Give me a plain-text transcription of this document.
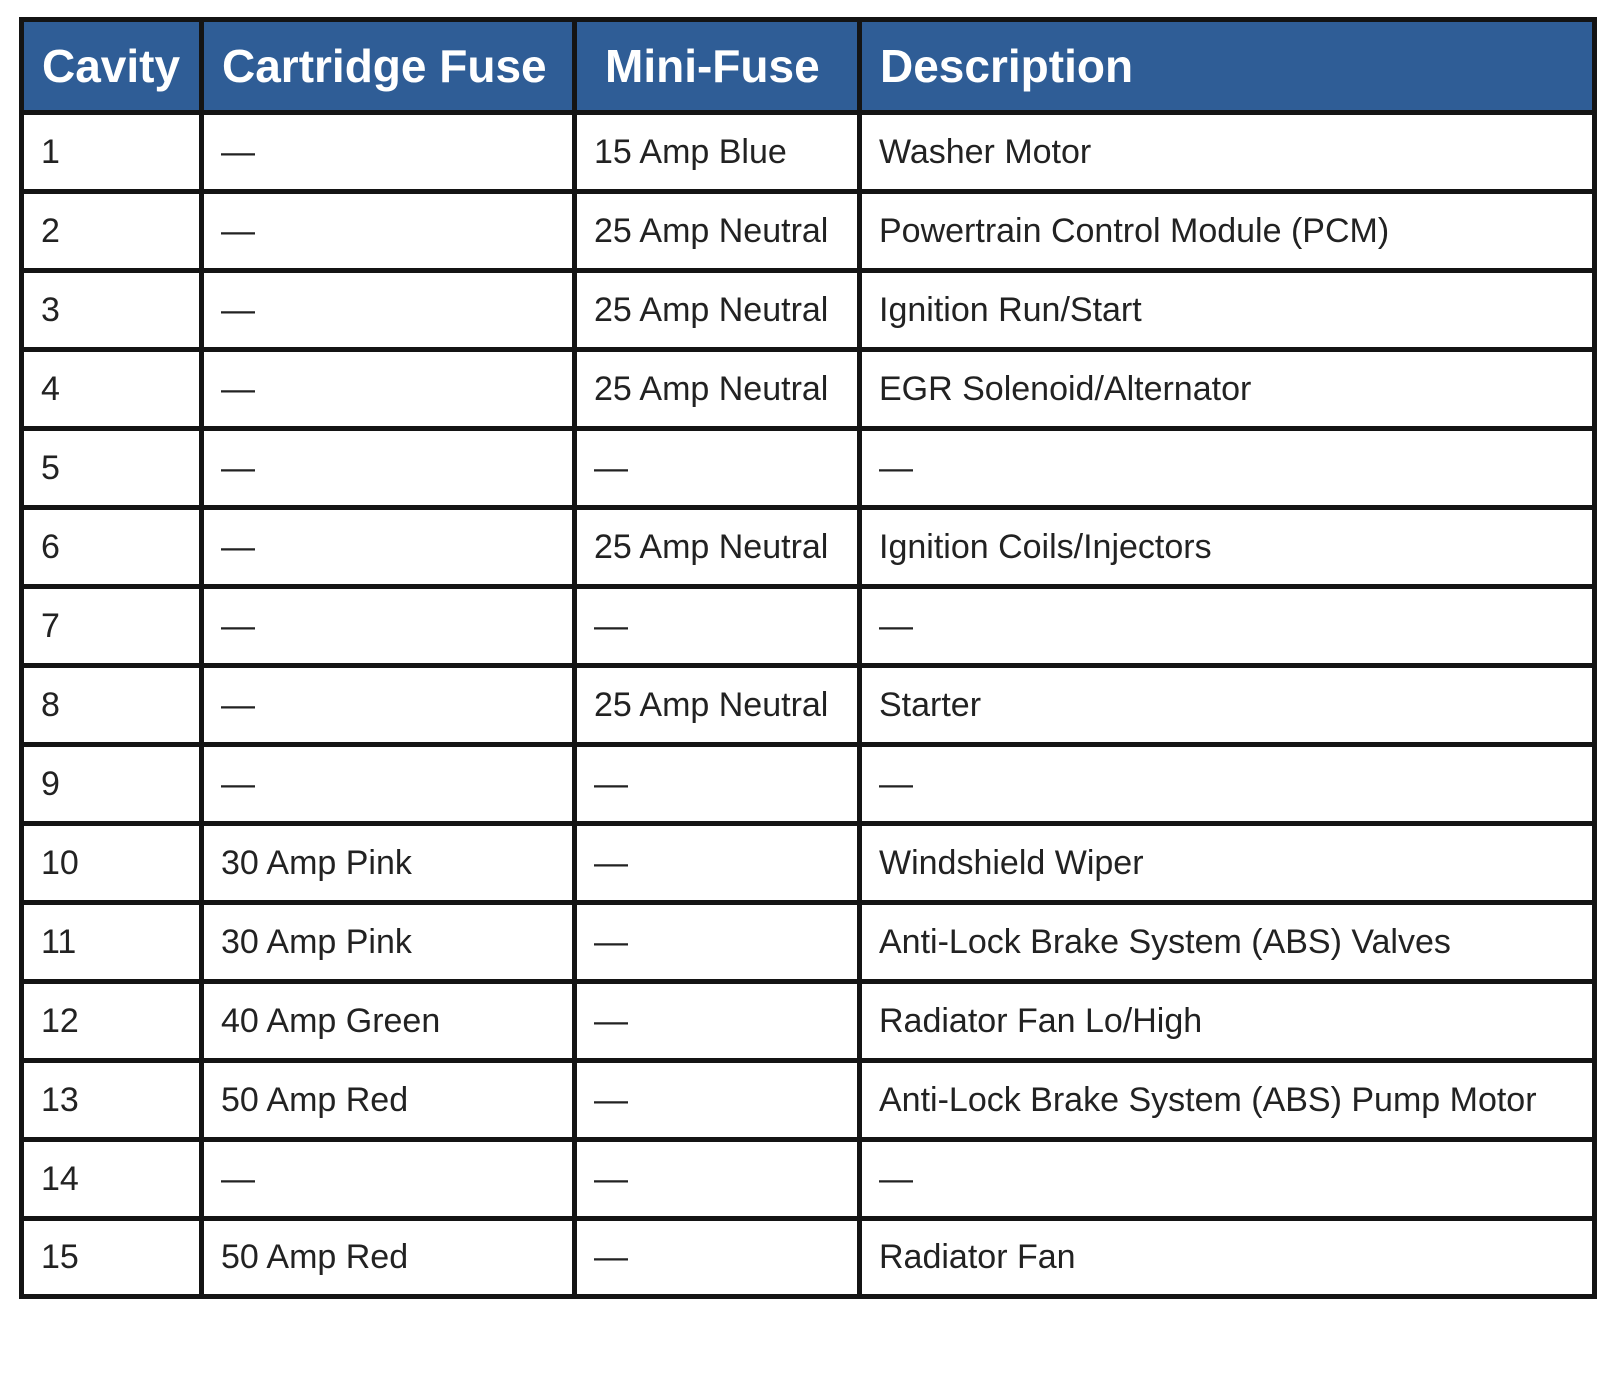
Cavity	Cartridge Fuse	Mini-Fuse	Description
1	—	15 Amp Blue	Washer Motor
2	—	25 Amp Neutral	Powertrain Control Module (PCM)
3	—	25 Amp Neutral	Ignition Run/Start
4	—	25 Amp Neutral	EGR Solenoid/Alternator
5	—	—	—
6	—	25 Amp Neutral	Ignition Coils/Injectors
7	—	—	—
8	—	25 Amp Neutral	Starter
9	—	—	—
10	30 Amp Pink	—	Windshield Wiper
11	30 Amp Pink	—	Anti-Lock Brake System (ABS) Valves
12	40 Amp Green	—	Radiator Fan Lo/High
13	50 Amp Red	—	Anti-Lock Brake System (ABS) Pump Motor
14	—	—	—
15	50 Amp Red	—	Radiator Fan
